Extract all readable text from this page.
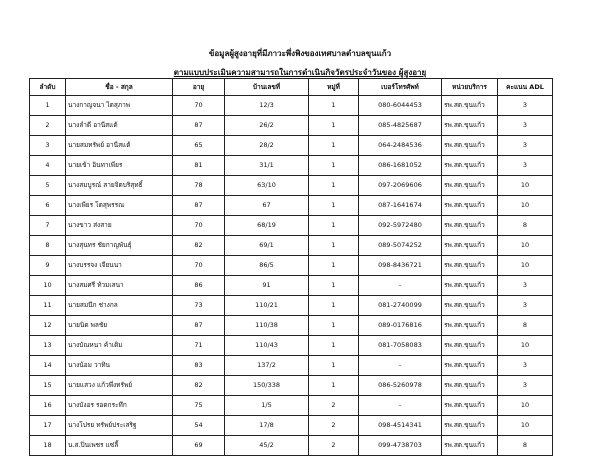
ข้อมูลผู้สูงอายุที่มีภาวะพึ่งพิงของเทศบาลตำบลขุนแก้ว
ตามแบบประเมินความสามารถในการดำเนินกิจวัตรประจำวันของ ผู้สูงอายุ
ลำดับ	ชื่อ - สกุล	อายุ	บ้านเลขที่	หมู่ที่	เบอร์โทรศัพท์	หน่วยบริการ	คะแนน ADL
1	นางกาญจนา ไตสุภาพ	70	12/3	1	080-6044453	รพ.สต.ขุนแก้ว	3
2	นางลำดี อานีสแต้	87	26/2	1	085-4825687	รพ.สต.ขุนแก้ว	3
3	นายสมทรัพย์ อานีสแต้	65	28/2	1	064-2484536	รพ.สต.ขุนแก้ว	3
4	นายเข้า อินทาเพียร	81	31/1	1	086-1681052	รพ.สต.ขุนแก้ว	3
5	นางสมบูรณ์ สายจิตบริสุทธิ์	78	63/10	1	097-2069606	รพ.สต.ขุนแก้ว	10
6	นางเพียร โตสุพรรณ	87	67	1	087-1641674	รพ.สต.ขุนแก้ว	10
7	นางขาว ส่งสาย	70	68/19	1	092-5972480	รพ.สต.ขุนแก้ว	8
8	นางสุนทร ชัยกาญพันธุ์	82	69/1	1	089-5074252	รพ.สต.ขุนแก้ว	10
9	นางบรรจง เจียนนา	70	86/5	1	098-8436721	รพ.สต.ขุนแก้ว	10
10	นางสมศรี ท้วมเสนา	86	91	1	-	รพ.สต.ขุนแก้ว	3
11	นายสมนึก ช่างกล	73	110/21	1	081-2740099	รพ.สต.ขุนแก้ว	3
12	นายนิด พลชัย	87	110/38	1	089-0176816	รพ.สต.ขุนแก้ว	8
13	นางบัณหนา ค้าเดิม	71	110/43	1	081-7058083	รพ.สต.ขุนแก้ว	10
14	นางน้อม วาทิน	83	137/2	1	-	รพ.สต.ขุนแก้ว	3
15	นายแสวง แก้วพึ่งทรัพย์	82	150/338	1	086-5260978	รพ.สต.ขุนแก้ว	3
16	นางบังอร รอดกระทึก	75	1/5	2	-	รพ.สต.ขุนแก้ว	10
17	นางโปรย ทรัพย์ประเสริฐ	54	17/8	2	098-4514341	รพ.สต.ขุนแก้ว	10
18	น.ส.ปิ่นเพชร แซ่ลี้	69	45/2	2	099-4738703	รพ.สต.ขุนแก้ว	8
